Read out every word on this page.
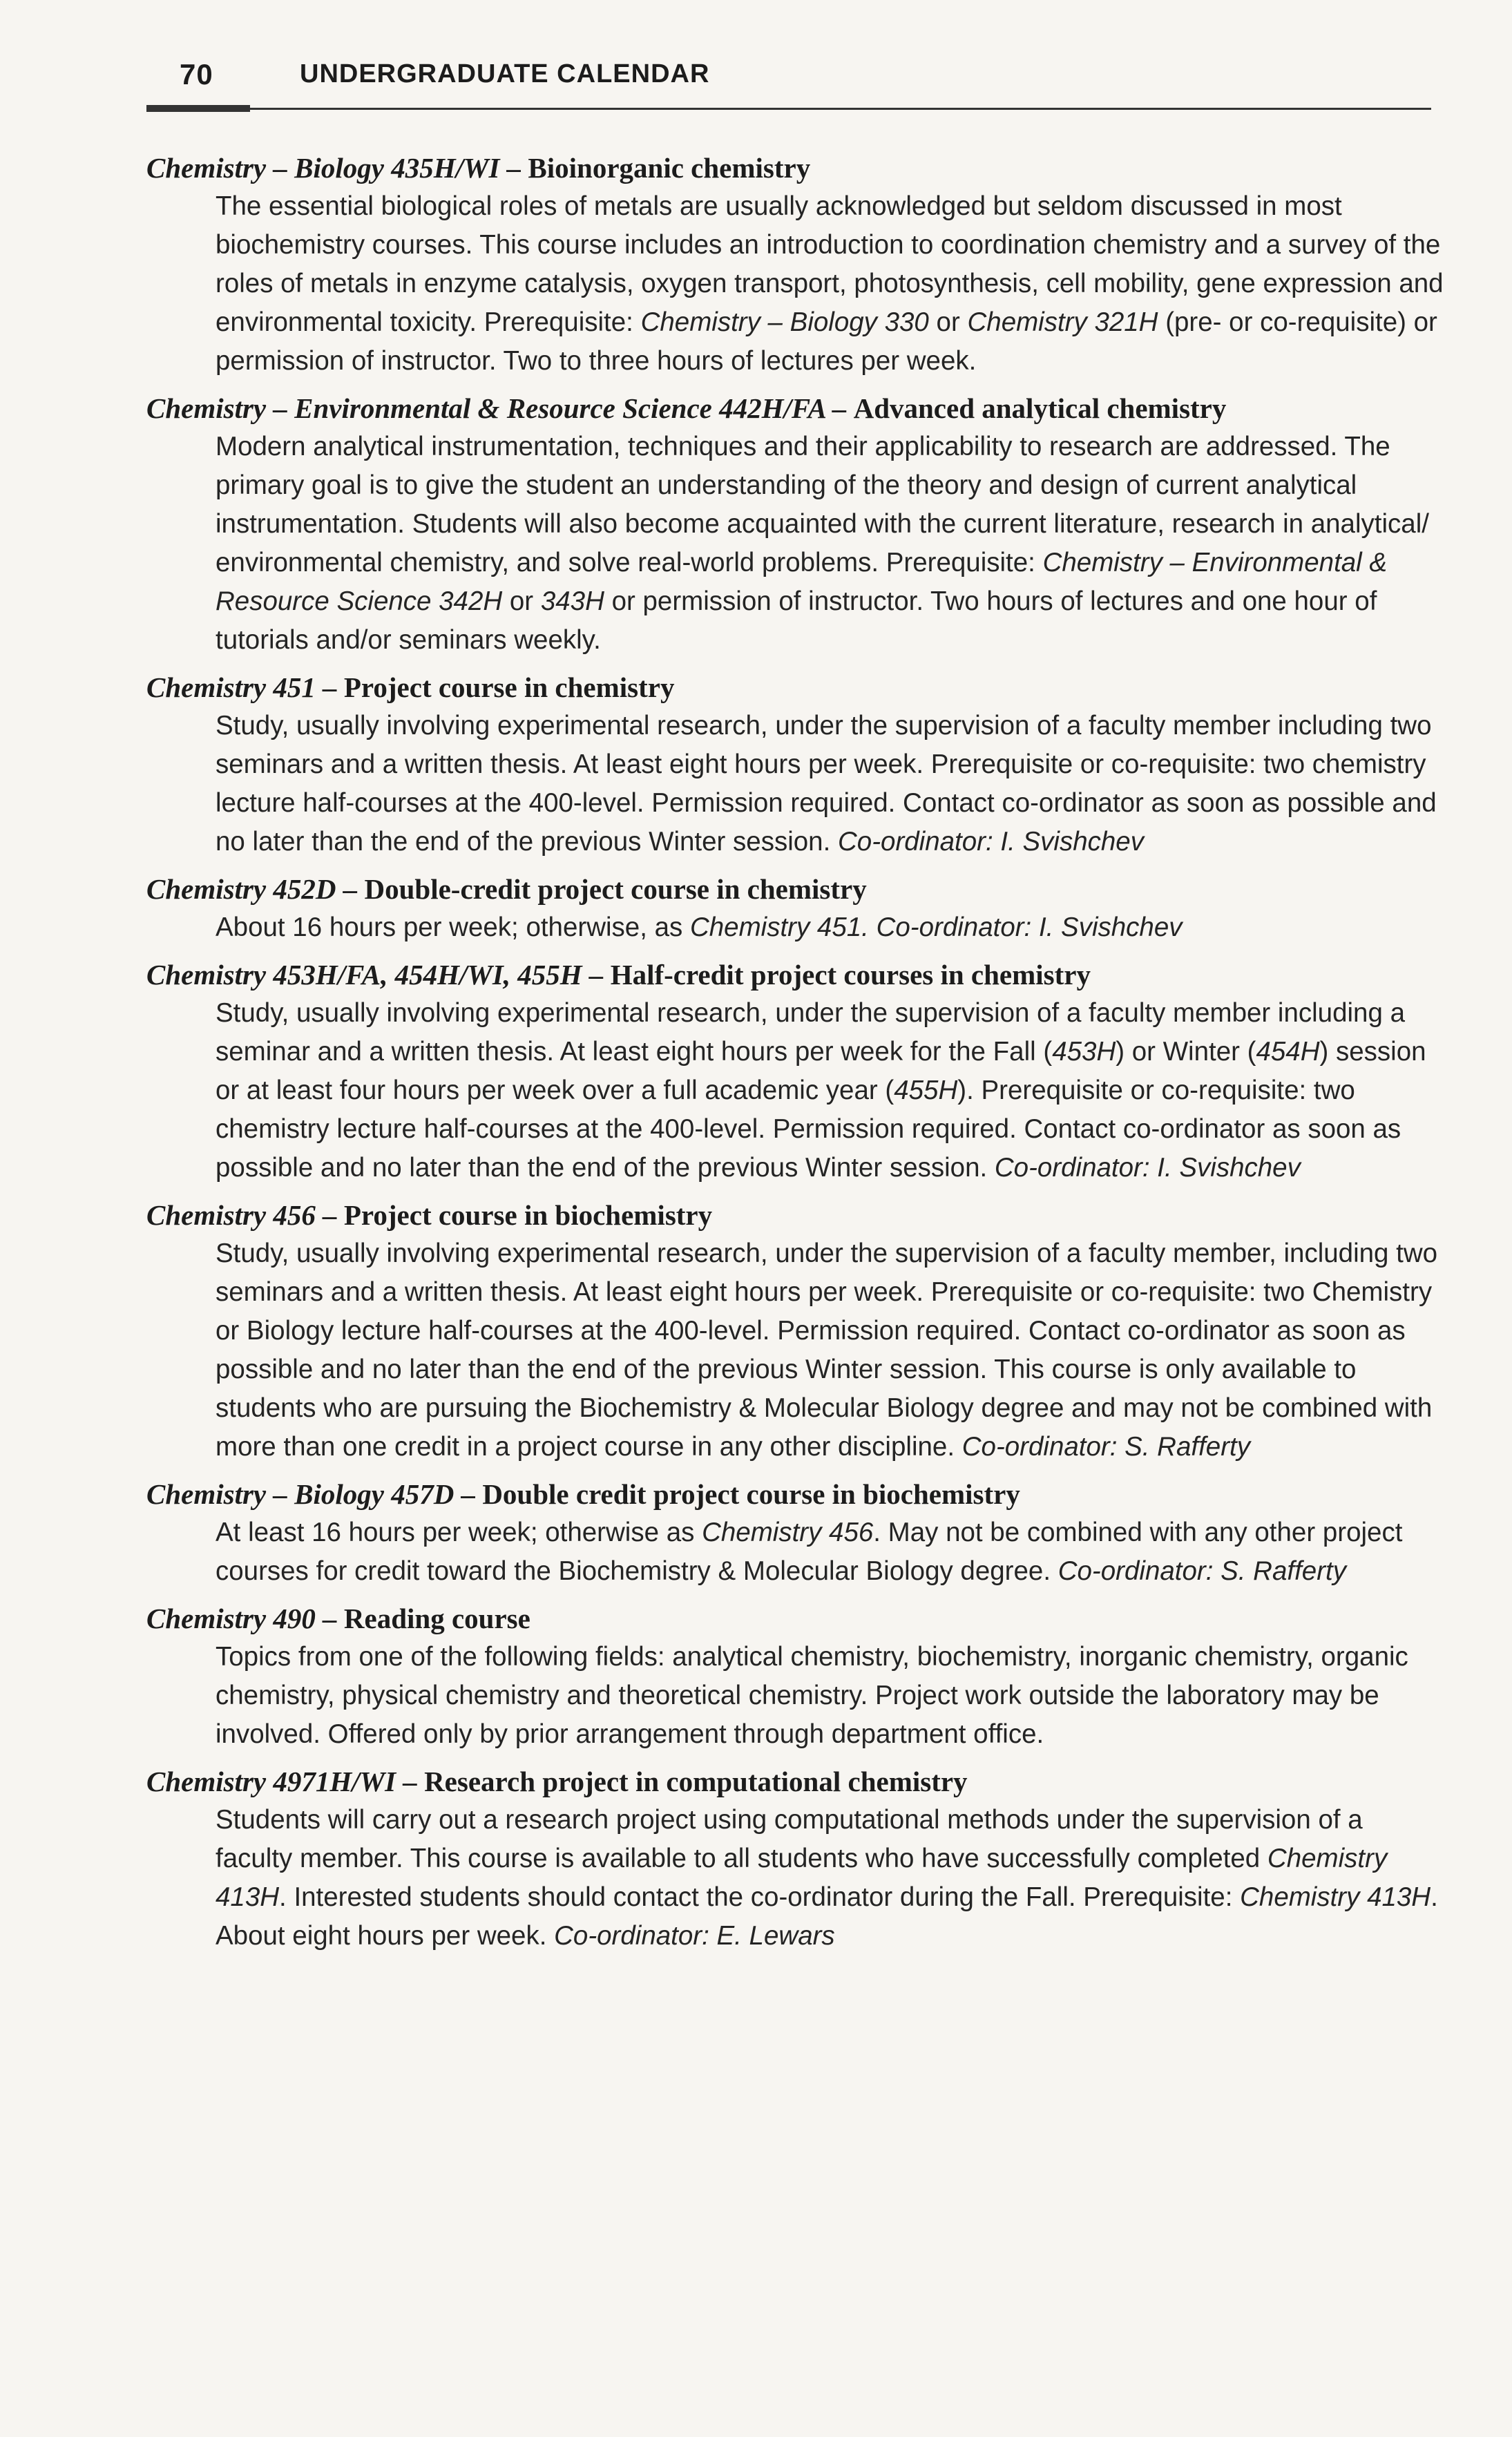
70	UNDERGRADUATE CALENDAR

Chemistry – Biology 435H/WI – Bioinorganic chemistry

The essential biological roles of metals are usually acknowledged but seldom discussed in most biochemistry courses. This course includes an introduction to coordination chemistry and a survey of the roles of metals in enzyme catalysis, oxygen transport, photosynthesis, cell mobility, gene expression and environmental toxicity. Prerequisite: Chemistry – Biology 330 or Chemistry 321H (pre- or co-requisite) or permission of instructor. Two to three hours of lectures per week.

Chemistry – Environmental & Resource Science 442H/FA – Advanced analytical chemistry

Modern analytical instrumentation, techniques and their applicability to research are addressed. The primary goal is to give the student an understanding of the theory and design of current analytical instrumentation. Students will also become acquainted with the current literature, research in analytical/ environmental chemistry, and solve real-world problems. Prerequisite: Chemistry – Environmental & Resource Science 342H or 343H or permission of instructor. Two hours of lectures and one hour of tutorials and/or seminars weekly.

Chemistry 451 – Project course in chemistry

Study, usually involving experimental research, under the supervision of a faculty member including two seminars and a written thesis. At least eight hours per week. Prerequisite or co-requisite: two chemistry lecture half-courses at the 400-level. Permission required. Contact co-ordinator as soon as possible and no later than the end of the previous Winter session. Co-ordinator: I. Svishchev

Chemistry 452D – Double-credit project course in chemistry

About 16 hours per week; otherwise, as Chemistry 451. Co-ordinator: I. Svishchev

Chemistry 453H/FA, 454H/WI, 455H – Half-credit project courses in chemistry

Study, usually involving experimental research, under the supervision of a faculty member including a seminar and a written thesis. At least eight hours per week for the Fall (453H) or Winter (454H) session or at least four hours per week over a full academic year (455H). Prerequisite or co-requisite: two chemistry lecture half-courses at the 400-level. Permission required. Contact co-ordinator as soon as possible and no later than the end of the previous Winter session. Co-ordinator: I. Svishchev

Chemistry 456 – Project course in biochemistry

Study, usually involving experimental research, under the supervision of a faculty member, including two seminars and a written thesis. At least eight hours per week. Prerequisite or co-requisite: two Chemistry or Biology lecture half-courses at the 400-level. Permission required. Contact co-ordinator as soon as possible and no later than the end of the previous Winter session. This course is only available to students who are pursuing the Biochemistry & Molecular Biology degree and may not be combined with more than one credit in a project course in any other discipline. Co-ordinator: S. Rafferty

Chemistry – Biology 457D – Double credit project course in biochemistry

At least 16 hours per week; otherwise as Chemistry 456. May not be combined with any other project courses for credit toward the Biochemistry & Molecular Biology degree. Co-ordinator: S. Rafferty

Chemistry 490 – Reading course

Topics from one of the following fields: analytical chemistry, biochemistry, inorganic chemistry, organic chemistry, physical chemistry and theoretical chemistry. Project work outside the laboratory may be involved. Offered only by prior arrangement through department office.

Chemistry 4971H/WI – Research project in computational chemistry

Students will carry out a research project using computational methods under the supervision of a faculty member. This course is available to all students who have successfully completed Chemistry 413H. Interested students should contact the co-ordinator during the Fall. Prerequisite: Chemistry 413H. About eight hours per week. Co-ordinator: E. Lewars
